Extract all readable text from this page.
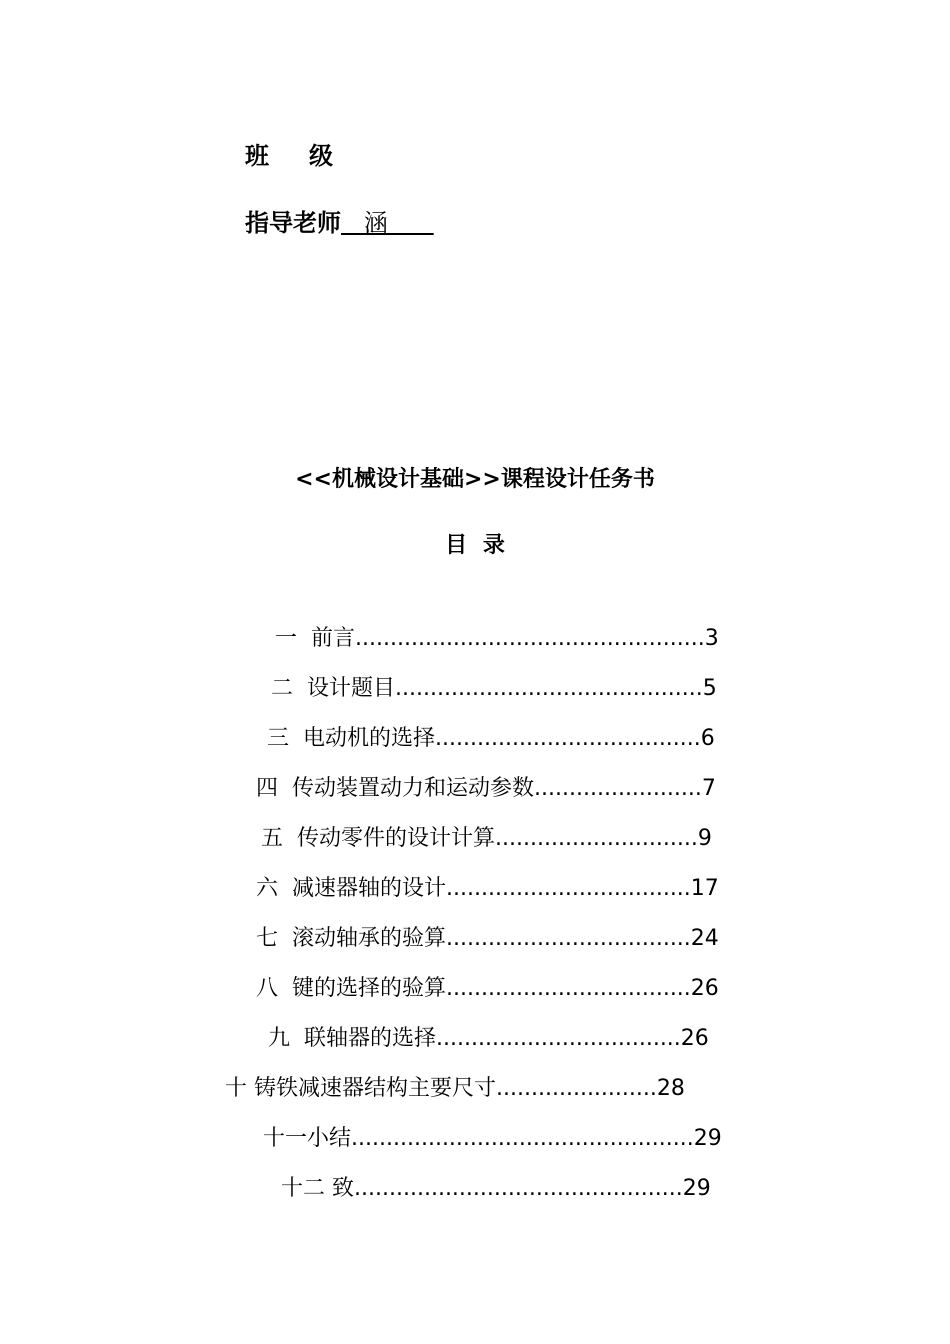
班 级
指导老师   涵
<<机械设计基础>>课程设计任务书
目 录
一 前言..................................................3
二 设计题目............................................5
三 电动机的选择......................................6
四 传动装置动力和运动参数........................7
五 传动零件的设计计算.............................9
六 减速器轴的设计...................................17
七 滚动轴承的验算...................................24
八 键的选择的验算...................................26
九 联轴器的选择...................................26
十 铸铁减速器结构主要尺寸.......................28
十一小结.................................................29
十二 致...............................................29
